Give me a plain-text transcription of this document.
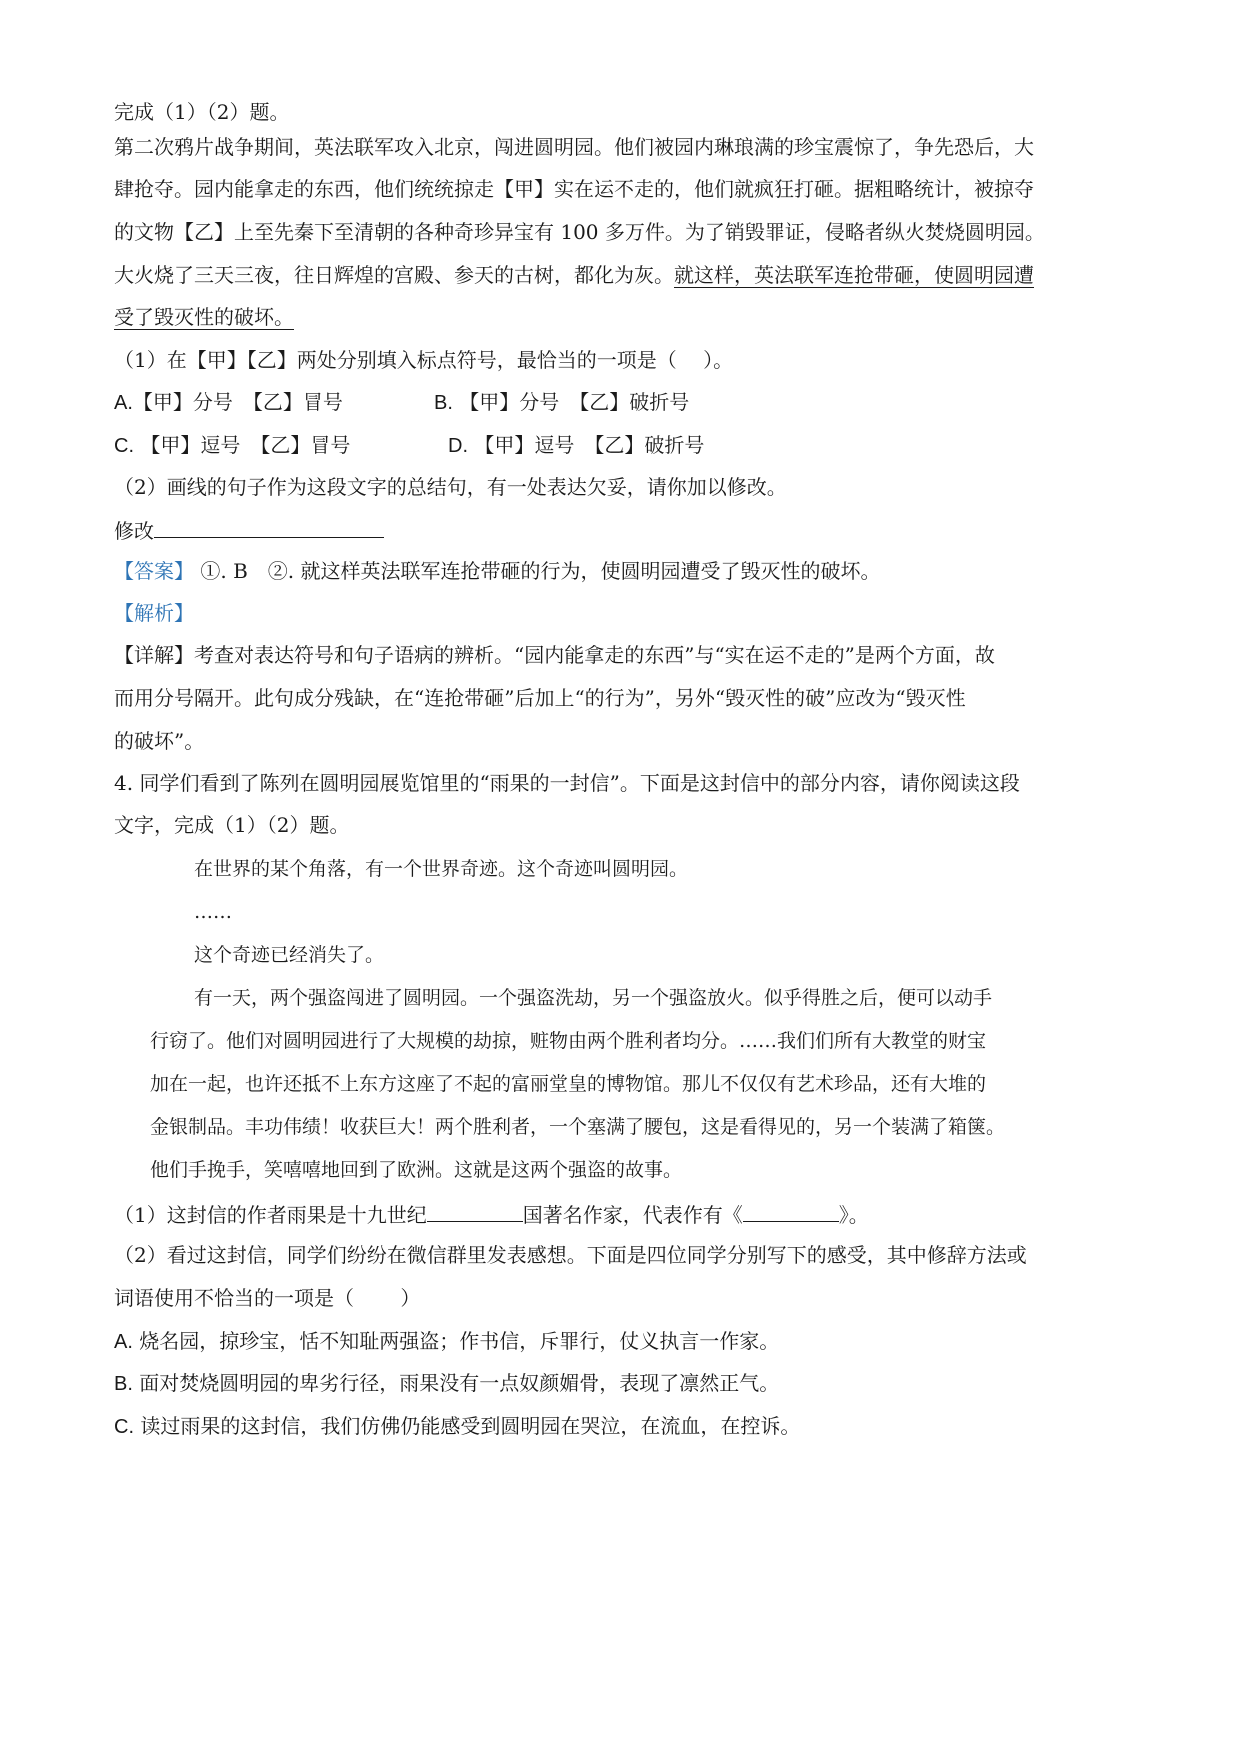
完成（1）（2）题。
第二次鸦片战争期间，英法联军攻入北京，闯进圆明园。他们被园内琳琅满的珍宝震惊了，争先恐后，大
肆抢夺。园内能拿走的东西，他们统统掠走【甲】实在运不走的，他们就疯狂打砸。据粗略统计，被掠夺
的文物【乙】上至先秦下至清朝的各种奇珍异宝有 100 多万件。为了销毁罪证，侵略者纵火焚烧圆明园。
大火烧了三天三夜，往日辉煌的宫殿、参天的古树，都化为灰。就这样，英法联军连抢带砸，使圆明园遭
受了毁灭性的破坏。
（1）在【甲】【乙】两处分别填入标点符号，最恰当的一项是（　 ）。
A.【甲】分号　【乙】冒号	B. 【甲】分号　【乙】破折号
C. 【甲】逗号　【乙】冒号	D. 【甲】逗号　【乙】破折号
（2）画线的句子作为这段文字的总结句，有一处表达欠妥，请你加以修改。
修改
【答案】 ①. B　②. 就这样英法联军连抢带砸的行为，使圆明园遭受了毁灭性的破坏。
【解析】
【详解】考查对表达符号和句子语病的辨析。“园内能拿走的东西”与“实在运不走的”是两个方面，故
而用分号隔开。此句成分残缺，在“连抢带砸”后加上“的行为”，另外“毁灭性的破”应改为“毁灭性
的破坏”。
4. 同学们看到了陈列在圆明园展览馆里的“雨果的一封信”。下面是这封信中的部分内容，请你阅读这段
文字，完成（1）（2）题。
在世界的某个角落，有一个世界奇迹。这个奇迹叫圆明园。
……
这个奇迹已经消失了。
有一天，两个强盗闯进了圆明园。一个强盗洗劫，另一个强盗放火。似乎得胜之后，便可以动手
行窃了。他们对圆明园进行了大规模的劫掠，赃物由两个胜利者均分。……我们们所有大教堂的财宝
加在一起，也许还抵不上东方这座了不起的富丽堂皇的博物馆。那儿不仅仅有艺术珍品，还有大堆的
金银制品。丰功伟绩！收获巨大！两个胜利者，一个塞满了腰包，这是看得见的，另一个装满了箱箧。
他们手挽手，笑嘻嘻地回到了欧洲。这就是这两个强盗的故事。
（1）这封信的作者雨果是十九世纪	国著名作家，代表作有《	》。
（2）看过这封信，同学们纷纷在微信群里发表感想。下面是四位同学分别写下的感受，其中修辞方法或
词语使用不恰当的一项是（　　 ）
A. 烧名园，掠珍宝，恬不知耻两强盗；作书信，斥罪行，仗义执言一作家。
B. 面对焚烧圆明园的卑劣行径，雨果没有一点奴颜媚骨，表现了凛然正气。
C. 读过雨果的这封信，我们仿佛仍能感受到圆明园在哭泣，在流血，在控诉。
